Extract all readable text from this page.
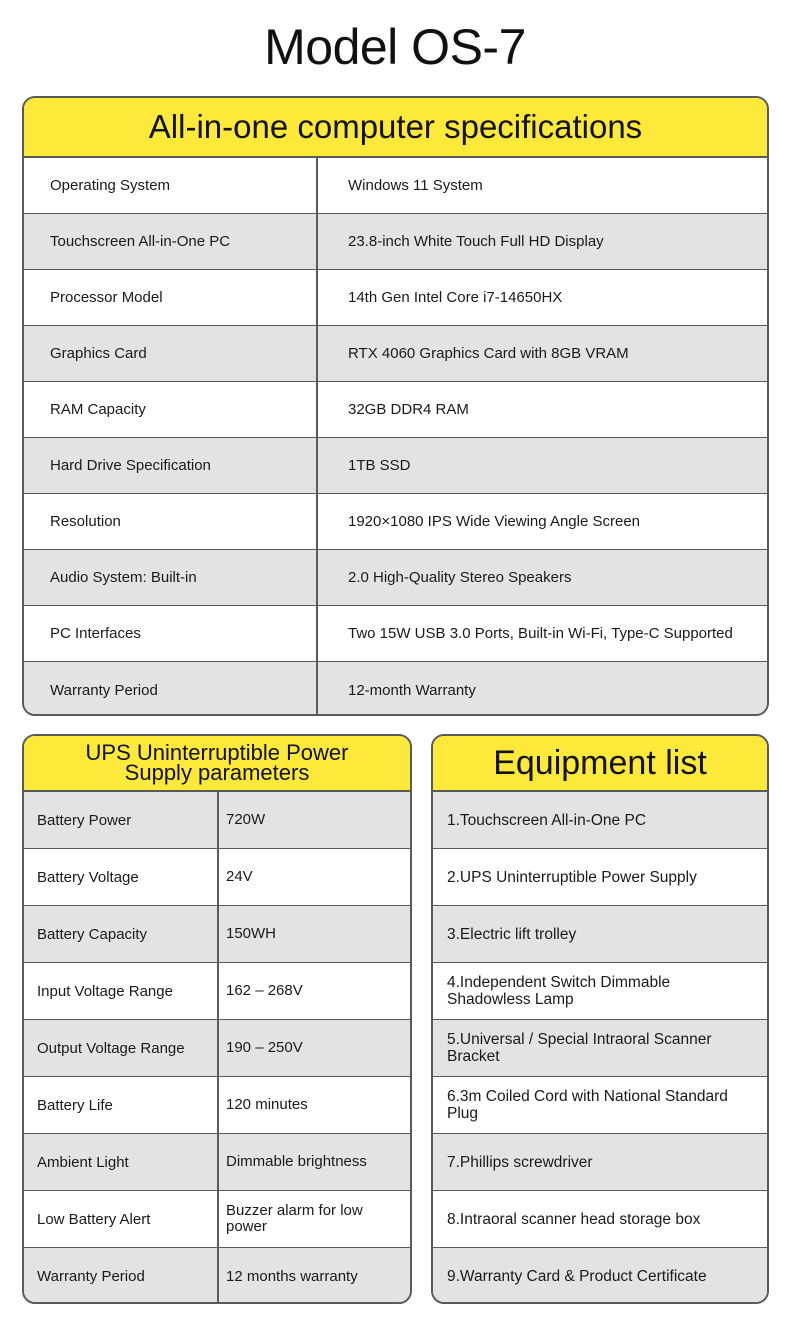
Model OS-7
All-in-one computer specifications
Operating System	Windows 11 System
Touchscreen All-in-One PC	23.8-inch White Touch Full HD Display
Processor Model	14th Gen Intel Core i7-14650HX
Graphics Card	RTX 4060 Graphics Card with 8GB VRAM
RAM Capacity	32GB DDR4 RAM
Hard Drive Specification	1TB SSD
Resolution	1920×1080 IPS Wide Viewing Angle Screen
Audio System: Built-in	2.0 High-Quality Stereo Speakers
PC Interfaces	Two 15W USB 3.0 Ports, Built-in Wi-Fi, Type-C Supported
Warranty Period	12-month Warranty
UPS Uninterruptible Power
Supply parameters
Battery Power	720W
Battery Voltage	24V
Battery Capacity	150WH
Input Voltage Range	162 – 268V
Output Voltage Range	190 – 250V
Battery Life	120 minutes
Ambient Light	Dimmable brightness
Low Battery Alert	Buzzer alarm for low power
Warranty Period	12 months warranty
Equipment list
1.Touchscreen All-in-One PC
2.UPS Uninterruptible Power Supply
3.Electric lift trolley
4.Independent Switch Dimmable Shadowless Lamp
5.Universal / Special Intraoral Scanner Bracket
6.3m Coiled Cord with National Standard Plug
7.Phillips screwdriver
8.Intraoral scanner head storage box
9.Warranty Card & Product Certificate
